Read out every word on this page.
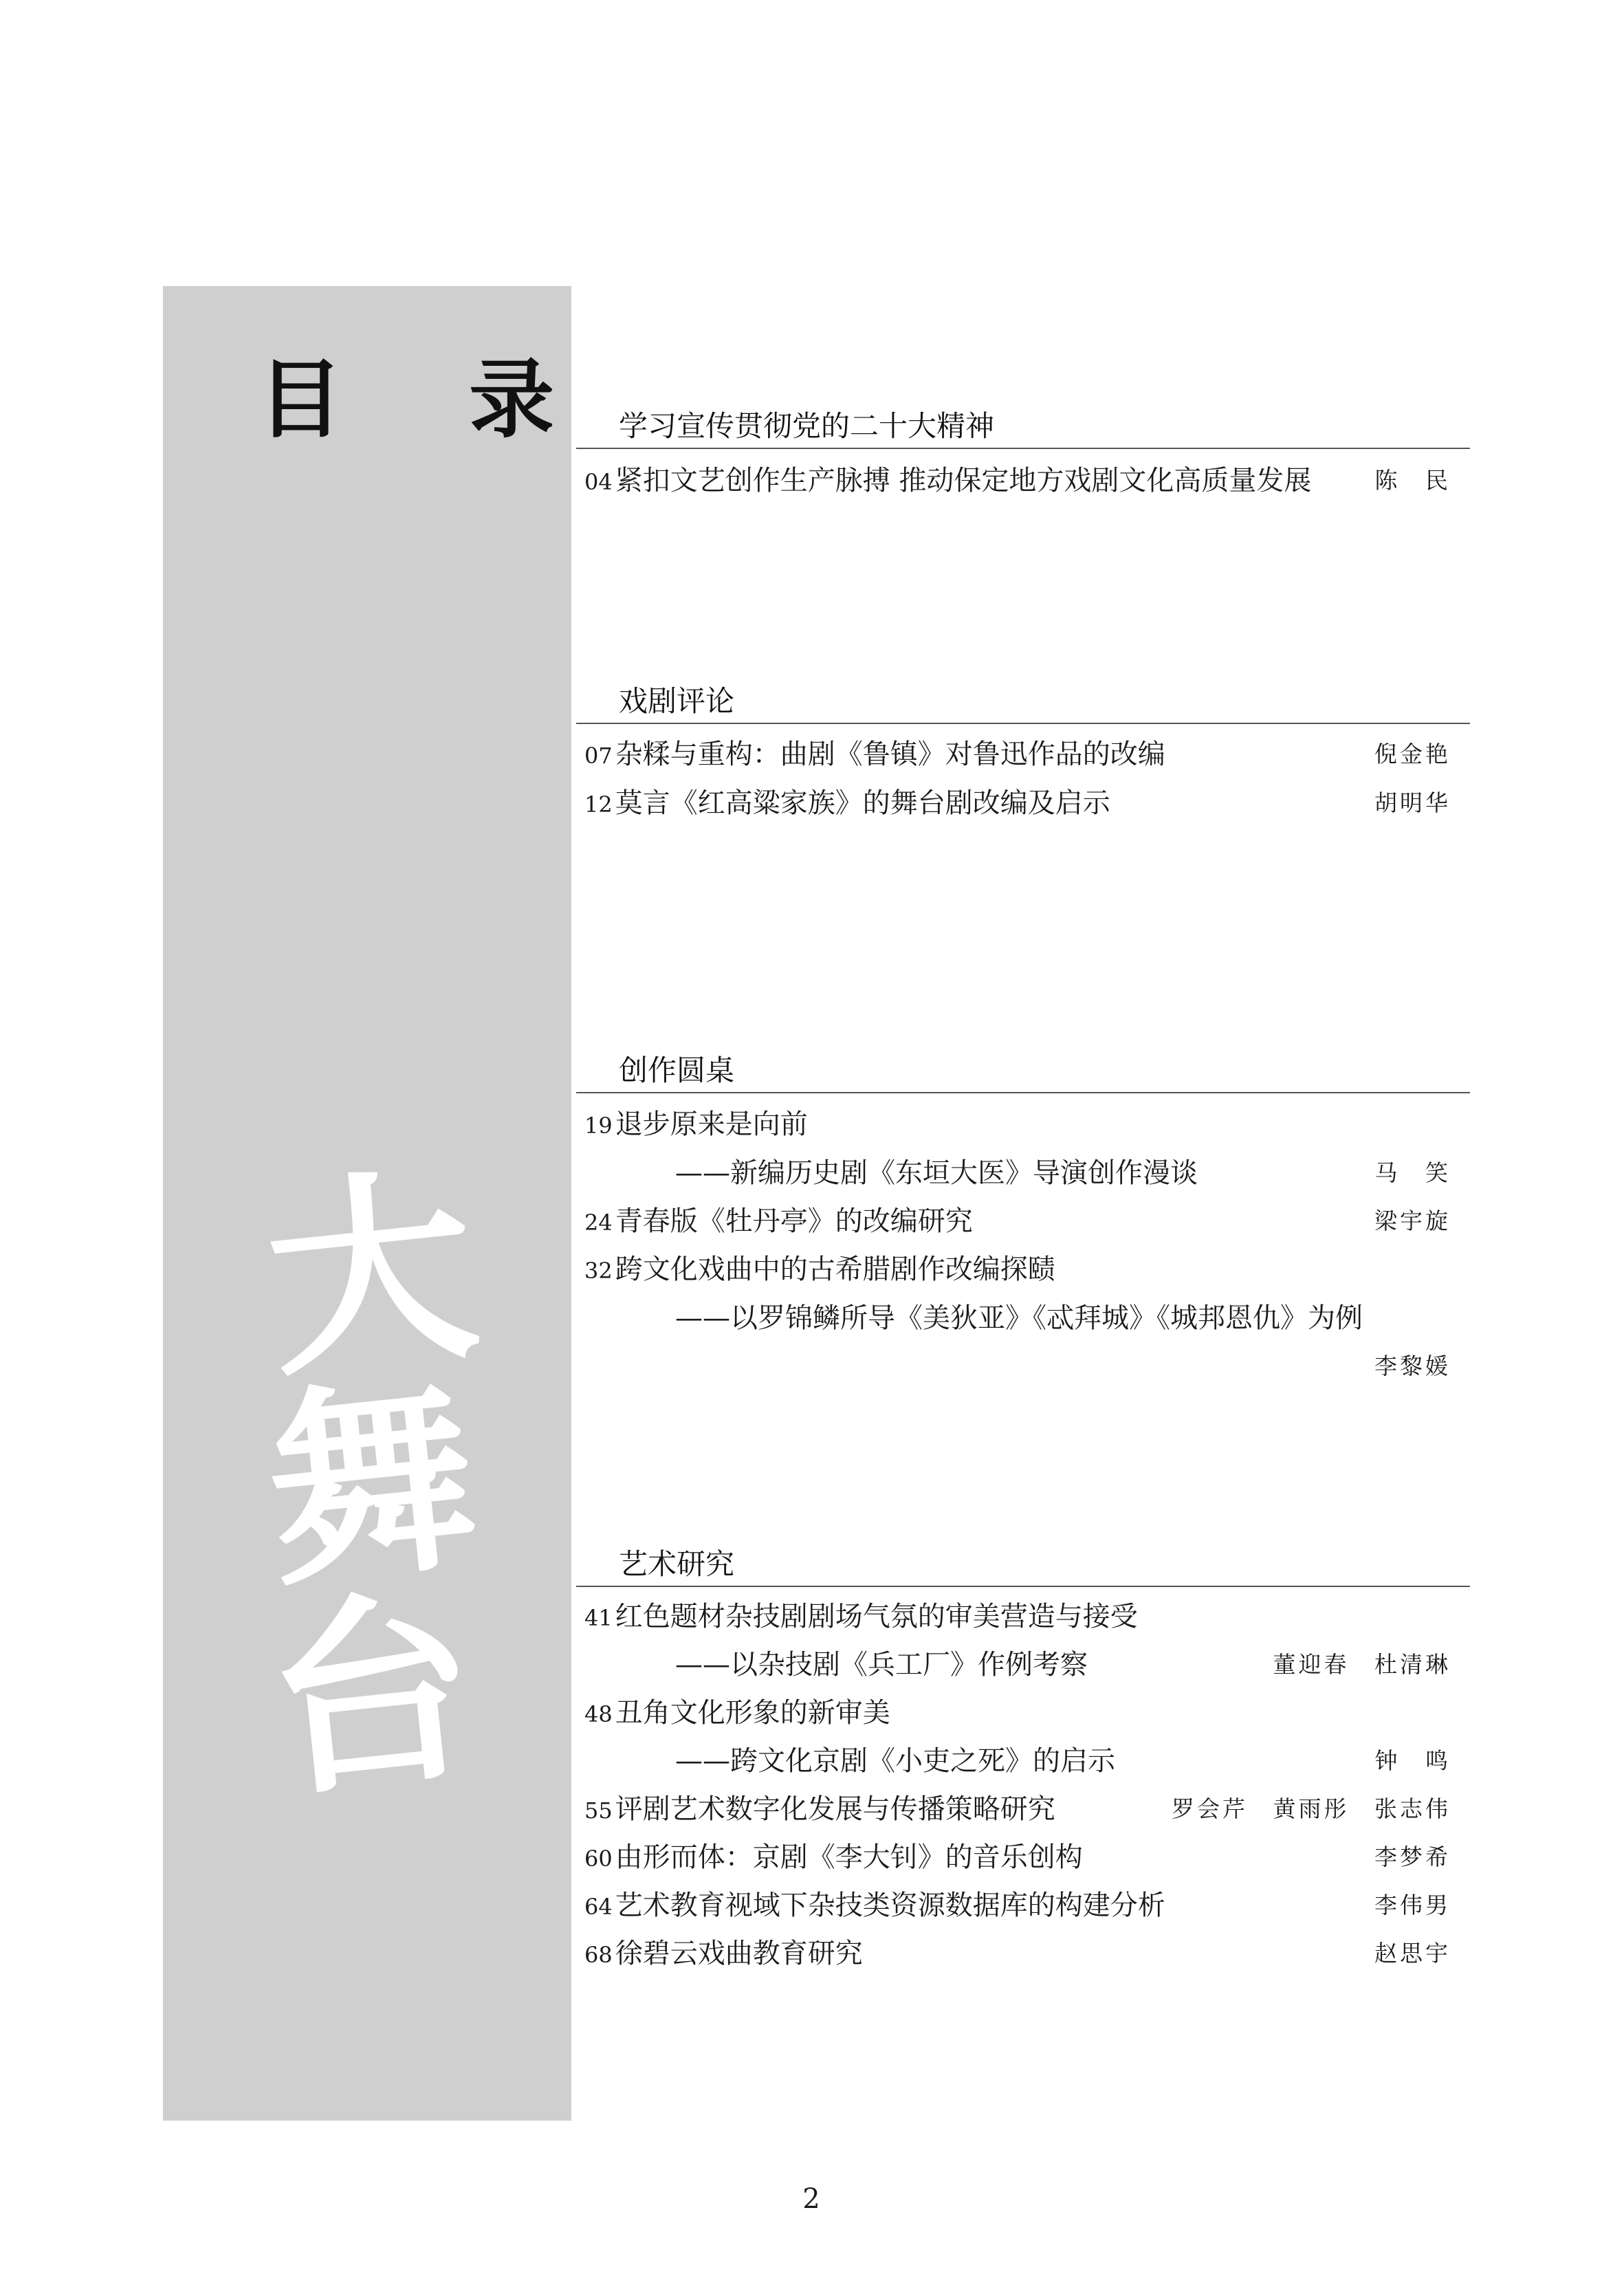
目 录
大
舞
台
学习宣传贯彻党的二十大精神
04 紧扣文艺创作生产脉搏 推动保定地方戏剧文化高质量发展	陈 民
戏剧评论
07 杂糅与重构：曲剧《鲁镇》对鲁迅作品的改编	倪金艳
12 莫言《红高粱家族》的舞台剧改编及启示	胡明华
创作圆桌
19 退步原来是向前
——新编历史剧《东垣大医》导演创作漫谈	马 笑
24 青春版《牡丹亭》的改编研究	梁宇旋
32 跨文化戏曲中的古希腊剧作改编探赜
——以罗锦鳞所导《美狄亚》《忒拜城》《城邦恩仇》为例
李黎媛
艺术研究
41 红色题材杂技剧剧场气氛的审美营造与接受
——以杂技剧《兵工厂》作例考察	董迎春 杜清琳
48 丑角文化形象的新审美
——跨文化京剧《小吏之死》的启示	钟 鸣
55 评剧艺术数字化发展与传播策略研究	罗会芹 黄雨彤 张志伟
60 由形而体：京剧《李大钊》的音乐创构	李梦希
64 艺术教育视域下杂技类资源数据库的构建分析	李伟男
68 徐碧云戏曲教育研究	赵思宇
2
